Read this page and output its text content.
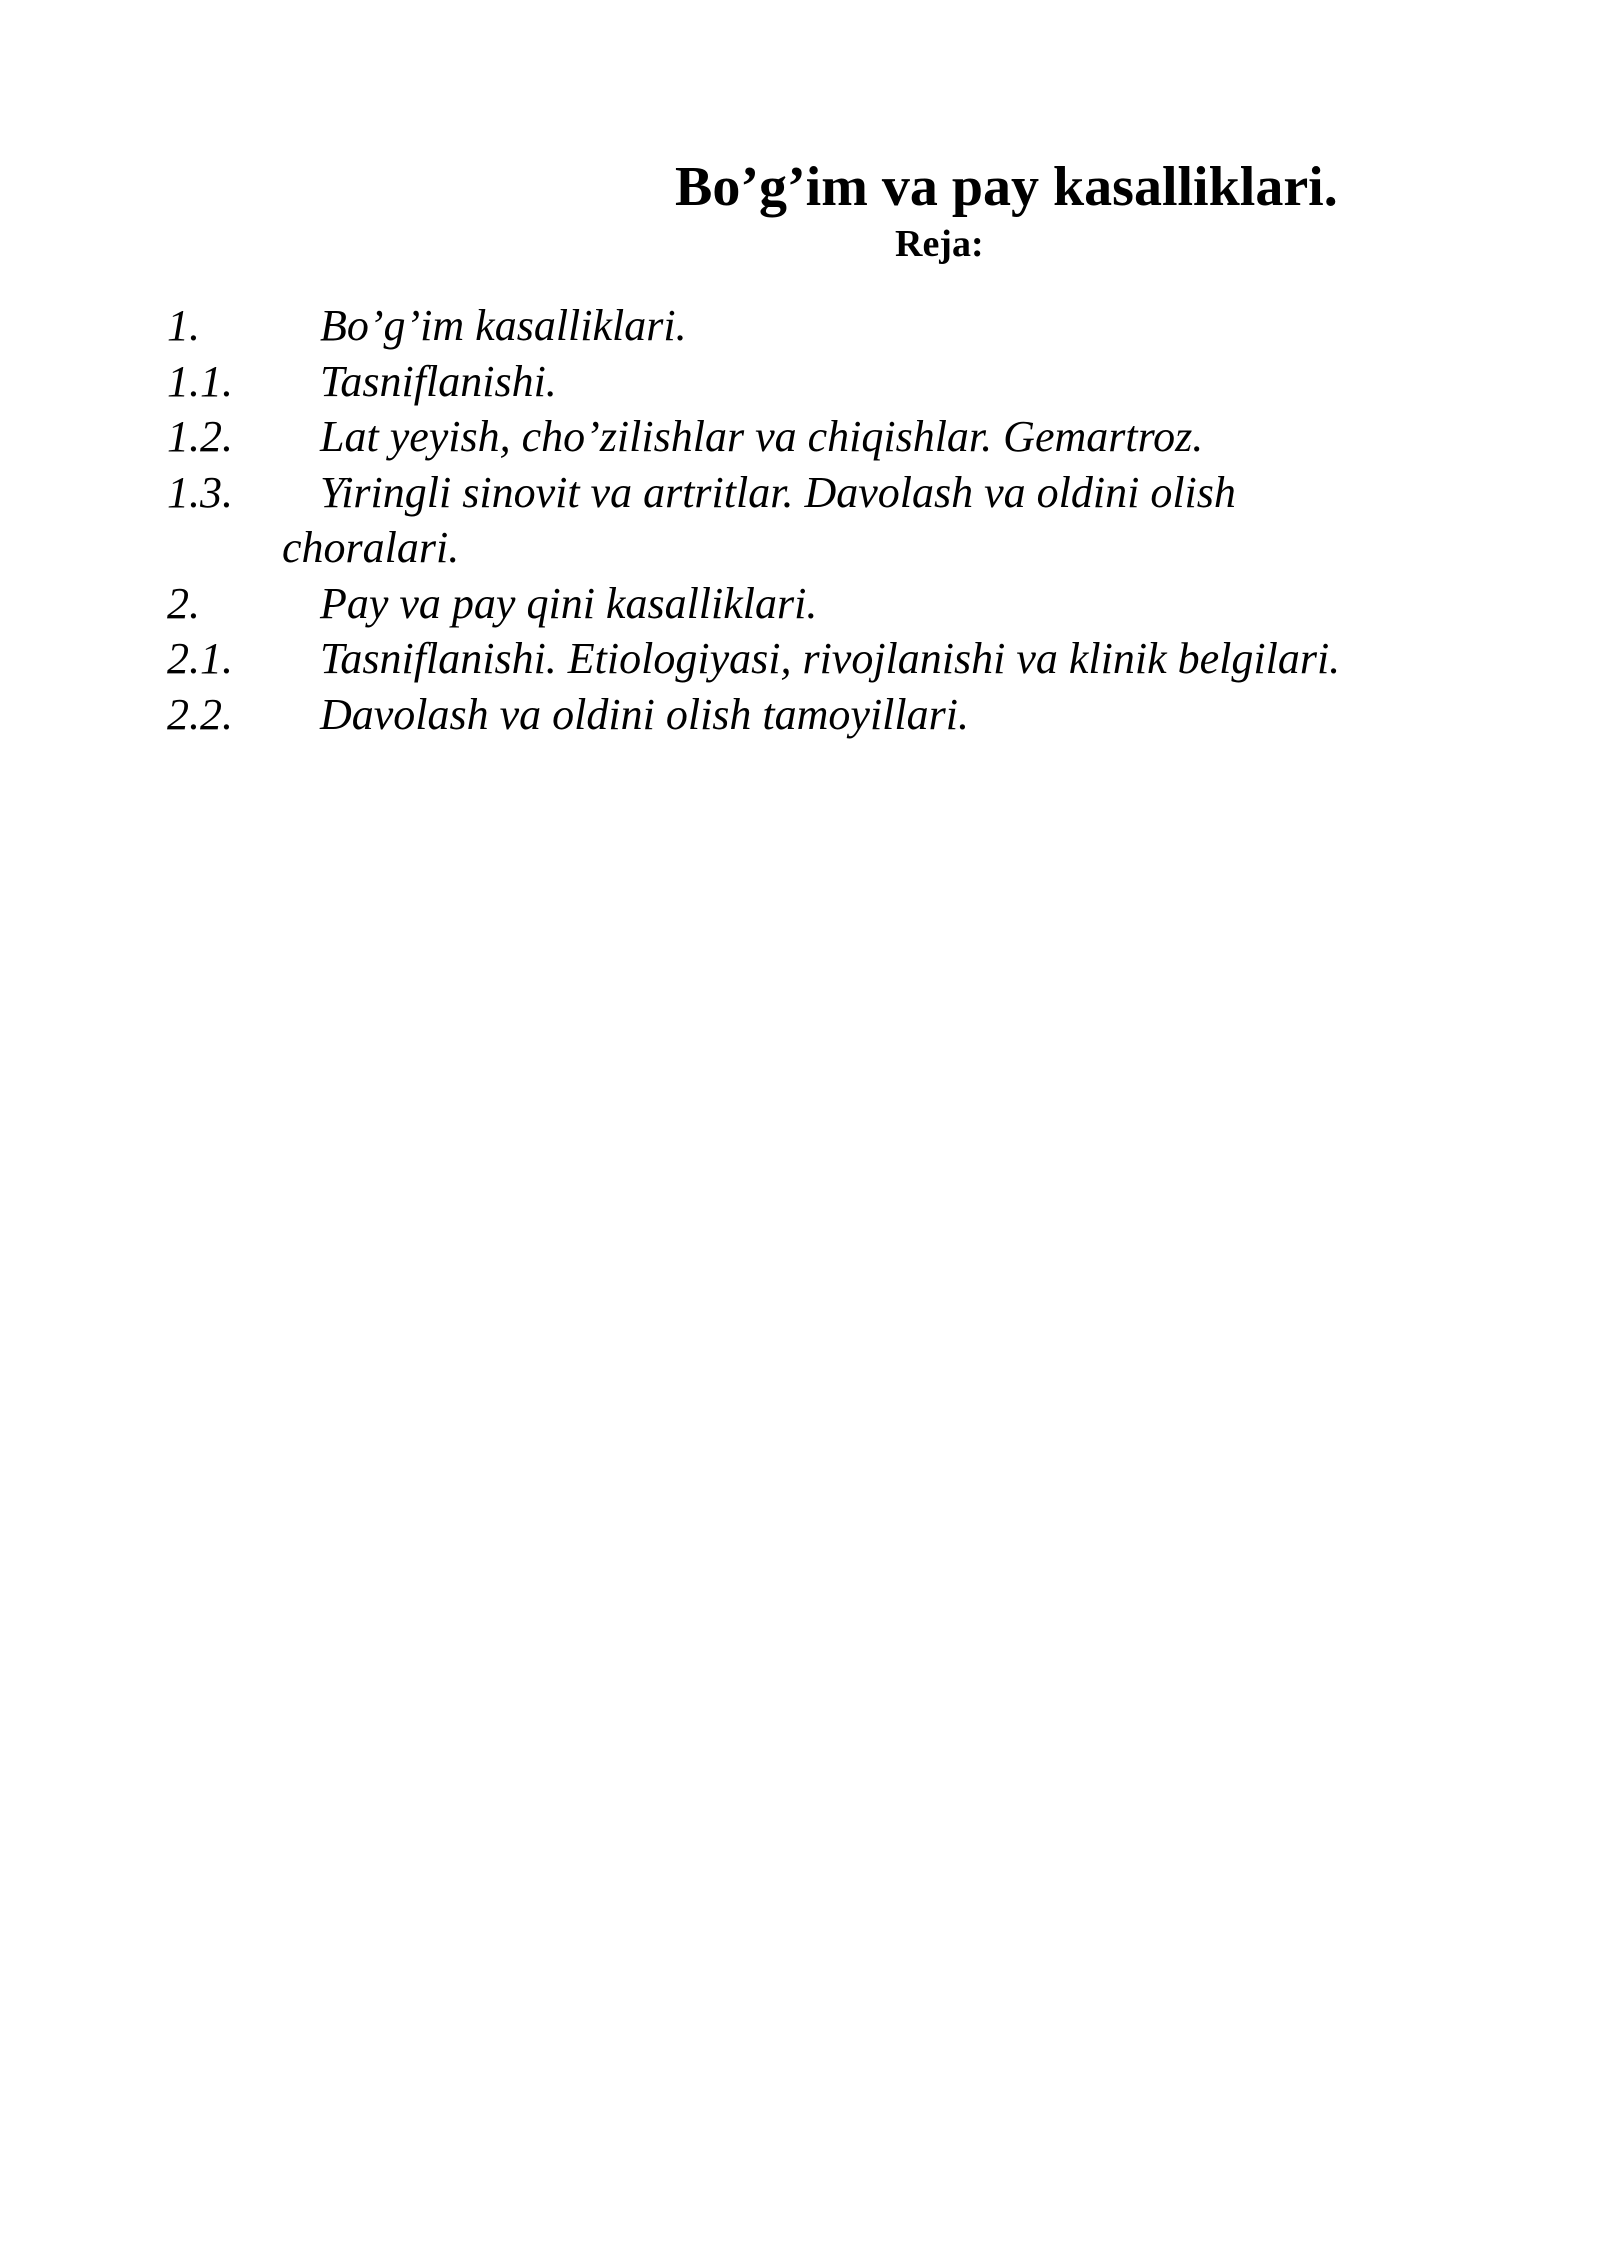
Bo’g’im va pay kasalliklari.
Reja:
1.	Bo’g’im kasalliklari.
1.1. Tasniflanishi.
1.2. Lat yeyish, cho’zilishlar va chiqishlar. Gemartroz.
1.3. Yiringli sinovit va artritlar. Davolash va oldini olish
choralari.
2.	Pay va pay qini kasalliklari.
2.1. Tasniflanishi. Etiologiyasi, rivojlanishi va klinik belgilari.
2.2. Davolash va oldini olish tamoyillari.
